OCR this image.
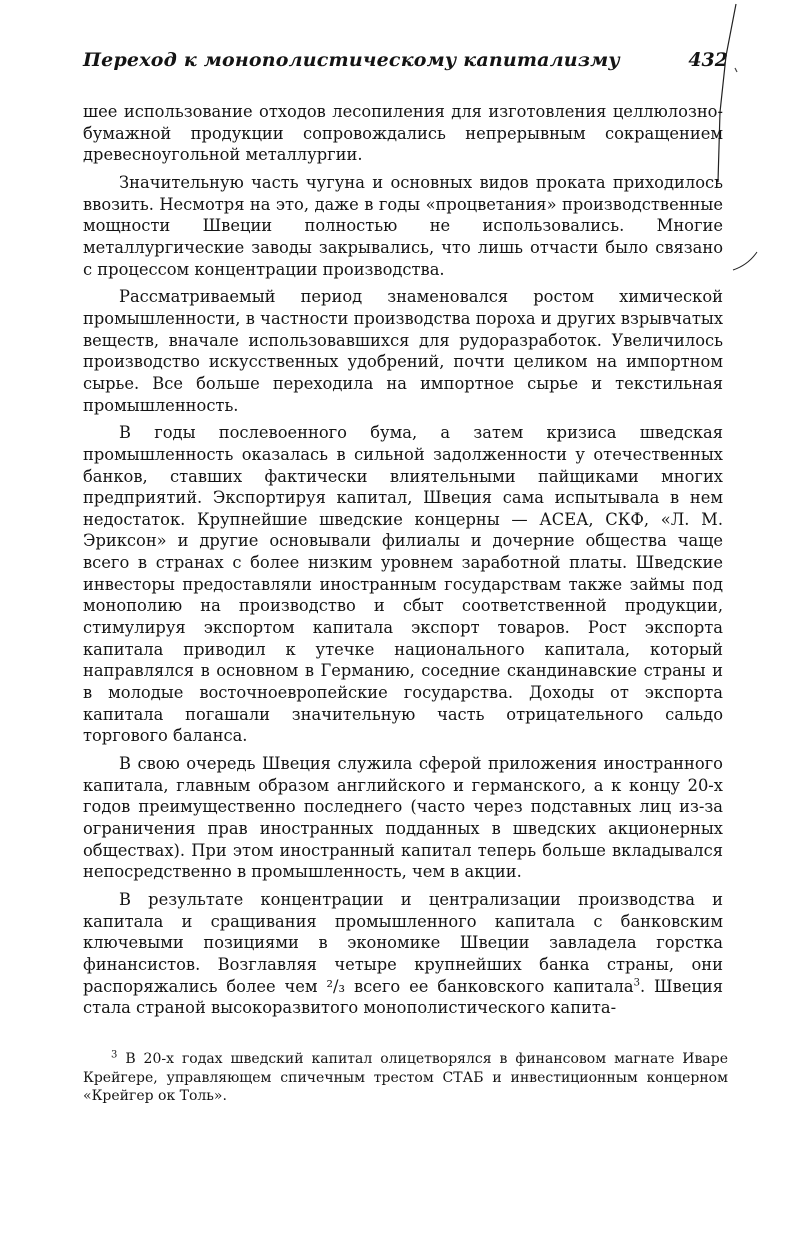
Переход к монополистическому капитализму	432

шее использование отходов лесопиления для изготовления целлюлозно-бумажной продукции сопровождались непрерывным сокращением древесноугольной металлургии.

Значительную часть чугуна и основных видов проката приходилось ввозить. Несмотря на это, даже в годы «процветания» производственные мощности Швеции полностью не использовались. Многие металлургические заводы закрывались, что лишь отчасти было связано с процессом концентрации производства.

Рассматриваемый период знаменовался ростом химической промышленности, в частности производства пороха и других взрывчатых веществ, вначале использовавшихся для рудоразработок. Увеличилось производство искусственных удобрений, почти целиком на импортном сырье. Все больше переходила на импортное сырье и текстильная промышленность.

В годы послевоенного бума, а затем кризиса шведская промышленность оказалась в сильной задолженности у отечественных банков, ставших фактически влиятельными пайщиками многих предприятий. Экспортируя капитал, Швеция сама испытывала в нем недостаток. Крупнейшие шведские концерны — АСЕА, СКФ, «Л. М. Эриксон» и другие основывали филиалы и дочерние общества чаще всего в странах с более низким уровнем заработной платы. Шведские инвесторы предоставляли иностранным государствам также займы под монополию на производство и сбыт соответственной продукции, стимулируя экспортом капитала экспорт товаров. Рост экспорта капитала приводил к утечке национального капитала, который направлялся в основном в Германию, соседние скандинавские страны и в молодые восточноевропейские государства. Доходы от экспорта капитала погашали значительную часть отрицательного сальдо торгового баланса.

В свою очередь Швеция служила сферой приложения иностранного капитала, главным образом английского и германского, а к концу 20-х годов преимущественно последнего (часто через подставных лиц из-за ограничения прав иностранных подданных в шведских акционерных обществах). При этом иностранный капитал теперь больше вкладывался непосредственно в промышленность, чем в акции.

В результате концентрации и централизации производства и капитала и сращивания промышленного капитала с банковским ключевыми позициями в экономике Швеции завладела горстка финансистов. Возглавляя четыре крупнейших банка страны, они распоряжались более чем ²/₃ всего ее банковского капитала$^3$. Швеция стала страной высокоразвитого монополистического капита-

$^3$ В 20-х годах шведский капитал олицетворялся в финансовом магнате Иваре Крейгере, управляющем спичечным трестом СТАБ и инвестиционным концерном «Крейгер ок Толь».
